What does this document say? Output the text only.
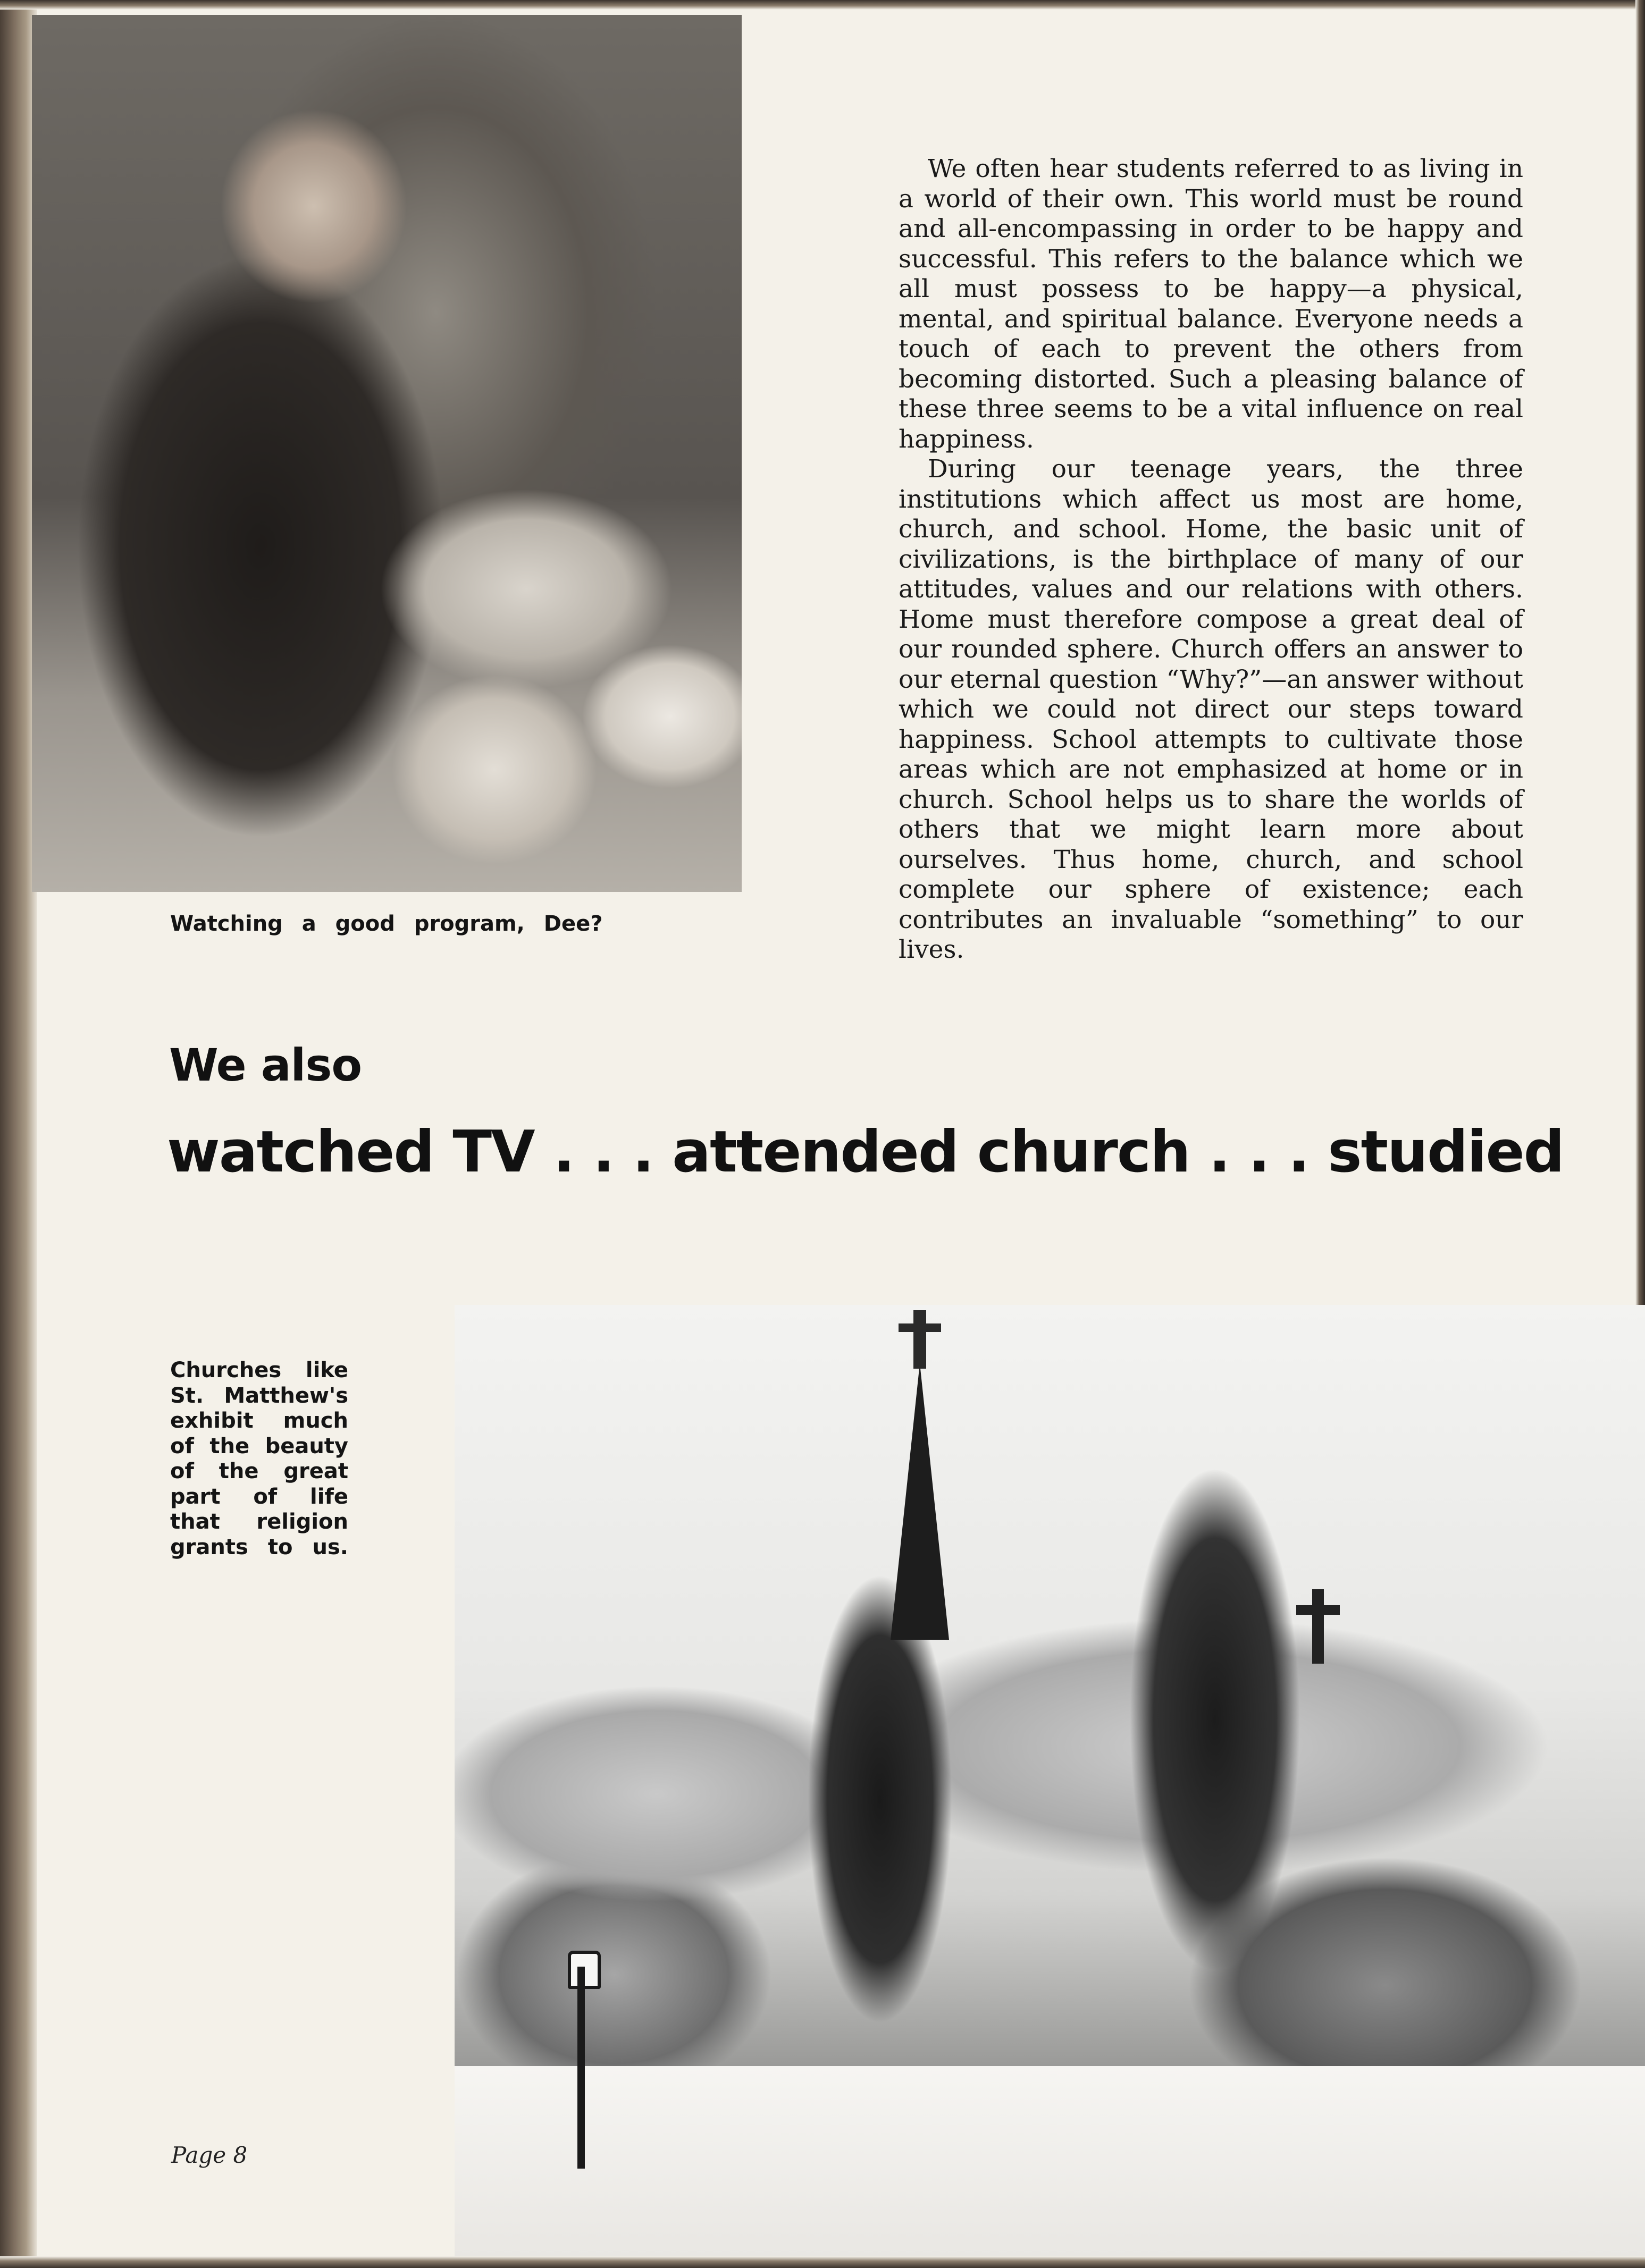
Watching a good program, Dee?

We often hear students referred to as living in a world of their own. This world must be round and all-encompassing in order to be happy and successful. This refers to the balance which we all must possess to be happy—a physical, mental, and spiritual balance. Everyone needs a touch of each to prevent the others from becoming distorted. Such a pleasing balance of these three seems to be a vital influence on real happiness.

During our teenage years, the three institutions which affect us most are home, church, and school. Home, the basic unit of civilizations, is the birthplace of many of our attitudes, values and our relations with others. Home must therefore compose a great deal of our rounded sphere. Church offers an answer to our eternal question “Why?”—an answer without which we could not direct our steps toward happiness. School attempts to cultivate those areas which are not emphasized at home or in church. School helps us to share the worlds of others that we might learn more about ourselves. Thus home, church, and school complete our sphere of existence; each contributes an invaluable “something” to our lives.

We also
watched TV . . . attended church . . . studied
Churches like St. Matthew's exhibit much of the beauty of the great part of life that religion grants to us.
Page 8
